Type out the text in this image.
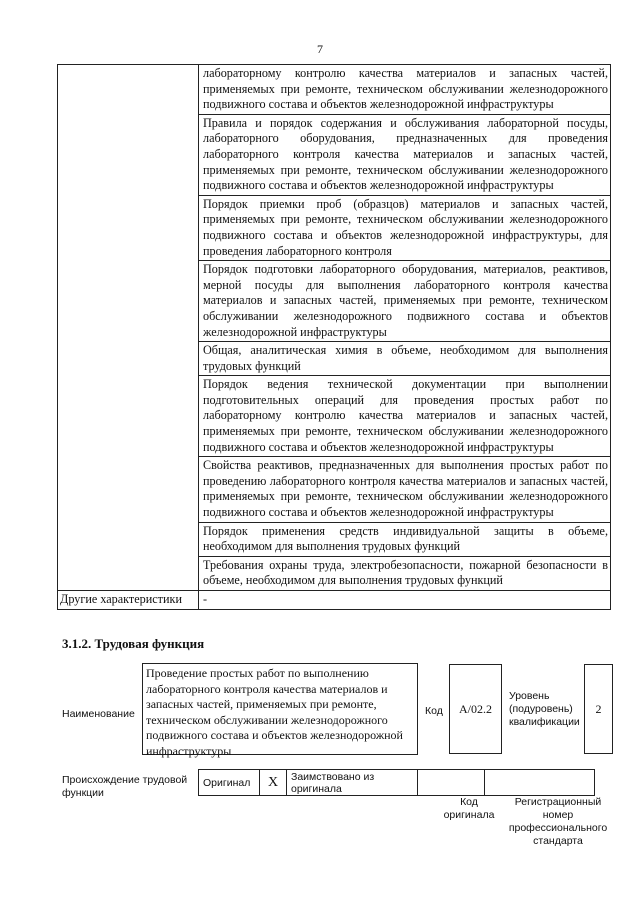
7

	лабораторному контролю качества материалов и запасных частей, применяемых при ремонте, техническом обслуживании железнодорожного подвижного состава и объектов железнодорожной инфраструктуры

	Правила и порядок содержания и обслуживания лабораторной посуды, лабораторного оборудования, предназначенных для проведения лабораторного контроля качества материалов и запасных частей, применяемых при ремонте, техническом обслуживании железнодорожного подвижного состава и объектов железнодорожной инфраструктуры

	Порядок приемки проб (образцов) материалов и запасных частей, применяемых при ремонте, техническом обслуживании железнодорожного подвижного состава и объектов железнодорожной инфраструктуры, для проведения лабораторного контроля

	Порядок подготовки лабораторного оборудования, материалов, реактивов, мерной посуды для выполнения лабораторного контроля качества материалов и запасных частей, применяемых при ремонте, техническом обслуживании железнодорожного подвижного состава и объектов железнодорожной инфраструктуры

	Общая, аналитическая химия в объеме, необходимом для выполнения трудовых функций

	Порядок ведения технической документации при выполнении подготовительных операций для проведения простых работ по лабораторному контролю качества материалов и запасных частей, применяемых при ремонте, техническом обслуживании железнодорожного подвижного состава и объектов железнодорожной инфраструктуры

	Свойства реактивов, предназначенных для выполнения простых работ по проведению лабораторного контроля качества материалов и запасных частей, применяемых при ремонте, техническом обслуживании железнодорожного подвижного состава и объектов железнодорожной инфраструктуры

	Порядок применения средств индивидуальной защиты в объеме, необходимом для выполнения трудовых функций

	Требования охраны труда, электробезопасности, пожарной безопасности в объеме, необходимом для выполнения трудовых функций

Другие характеристики	-

3.1.2. Трудовая функция
Наименование
Проведение простых работ по выполнению лабораторного контроля качества материалов и запасных частей, применяемых при ремонте, техническом обслуживании железнодорожного подвижного состава и объектов железнодорожной инфраструктуры
Код	A/02.2
Уровень (подуровень) квалификации
2
Происхождение трудовой функции
Оригинал	X	Заимствовано из оригинала		
Код оригинала
Регистрационный номер профессионального стандарта
